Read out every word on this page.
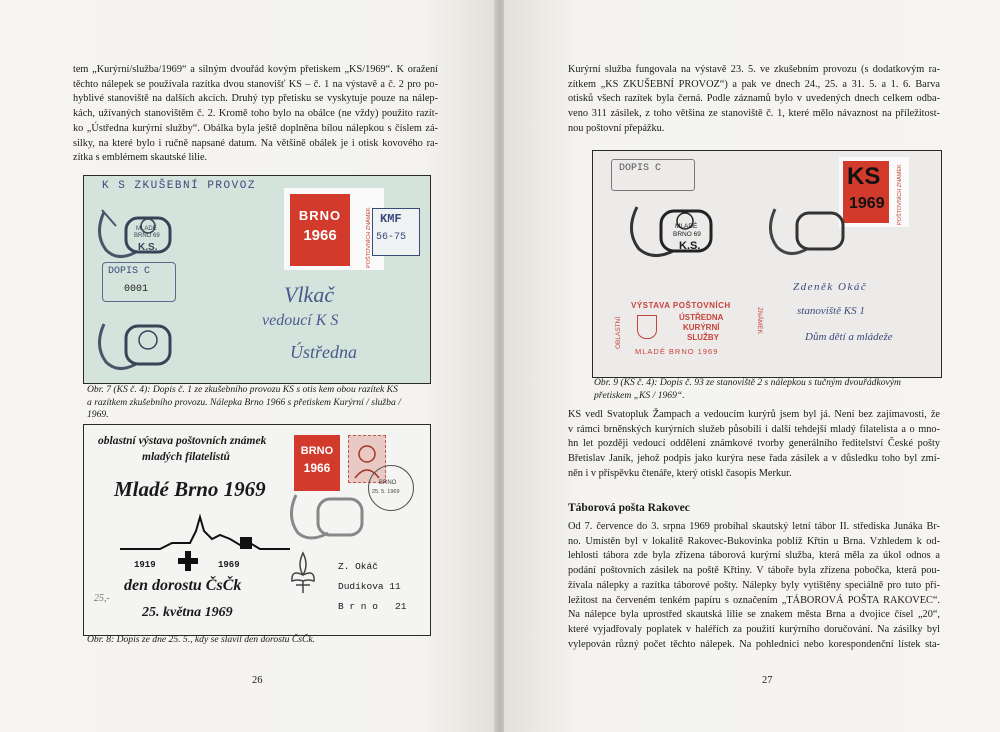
tem „Kurýrní/služba/1969“ a silným dvouřád kovým přetiskem „KS/1969“. K oražení
těchto nálepek se používala razítka dvou stanovišť KS – č. 1 na výstavě a č. 2 pro po-
hyblivé stanoviště na dalších akcích. Druhý typ přetisku se vyskytuje pouze na nálep-
kách, užívaných stanovištěm č. 2. Kromě toho bylo na obálce (ne vždy) použito razít-
ko „Ústředna kurýrní služby“. Obálka byla ještě doplněna bílou nálepkou s číslem zá-
silky, na které bylo i ručně napsané datum. Na většině obálek je i otisk kovového ra-
zítka s emblémem skautské lilie.
K S ZKUŠEBNÍ PROVOZ
MLADÉ
BRNO 69
K.S.
DOPIS C
0001
BRNO
1966	POŠTOVNÍCH ZNÁMEK KMF
56-75
Vlkač
vedoucí K S
Ústředna
Obr. 7 (KS č. 4): Dopis č. 1 ze zkušebního provozu KS s otis kem obou razítek KS
a razítkem zkušebního provozu. Nálepka Brno 1966 s přetiskem Kurýrní / služba /
1969.
oblastní výstava poštovních známek
mladých filatelistů
Mladé Brno 1969
1919	1969
den dorostu ČsČk
25,-
25. května 1969
BRNO
1966
BRNO
25. 5. 1969
Z. Okáč
Dudíkova 11
B r n o   21
Obr. 8: Dopis ze dne 25. 5., kdy se slavil den dorostu ČsČk.
26
Kurýrní služba fungovala na výstavě 23. 5. ve zkušebním provozu (s dodatkovým ra-
zítkem „KS ZKUŠEBNÍ PROVOZ“) a pak ve dnech 24., 25. a 31. 5. a 1. 6. Barva
otisků všech razítek byla černá. Podle záznamů bylo v uvedených dnech celkem odba-
veno 311 zásilek, z toho většina ze stanoviště č. 1, které mělo návaznost na příležitost-
nou poštovní přepážku.
DOPIS C	KS
1969 POŠTOVNÍCH ZNÁMEK
MLADÉ
BRNO 69
K.S.
VÝSTAVA POŠTOVNÍCH
OBLASTNÍ	ZNÁMEK
ÚSTŘEDNA
KURÝRNÍ
SLUŽBY
MLADÉ BRNO 1969
Zdeněk Okáč
stanoviště KS 1
Dům dětí a mládeže
Obr. 9 (KS č. 4): Dopis č. 93 ze stanoviště 2 s nálepkou s tučným dvouřádkovým
přetiskem „KS / 1969“.
KS vedl Svatopluk Žampach a vedoucím kurýrů jsem byl já. Není bez zajímavosti, že
v rámci brněnských kurýrních služeb působili i další tehdejší mladý filatelista a o mno-
hn let později vedoucí oddělení známkové tvorby generálního ředitelství České pošty
Břetislav Janík, jehož podpis jako kurýra nese řada zásilek a v důsledku toho byl zmí-
něn i v příspěvku čtenáře, který otiskl časopis Merkur.
Táborová pošta Rakovec
Od 7. července do 3. srpna 1969 probíhal skautský letní tábor II. střediska Junáka Br-
no. Umístěn byl v lokalitě Rakovec-Bukovinka poblíž Křtin u Brna. Vzhledem k od-
lehlosti tábora zde byla zřízena táborová kurýrní služba, která měla za úkol odnos a
podání poštovních zásilek na poště Křtiny. V táboře byla zřízena pobočka, která pou-
žívala nálepky a razítka táborové pošty. Nálepky byly vytištěny speciálně pro tuto pří-
ležitost na červeném tenkém papíru s označením „TÁBOROVÁ POŠTA RAKOVEC“.
Na nálepce byla uprostřed skautská lilie se znakem města Brna a dvojice čísel „20“,
které vyjadřovaly poplatek v haléřích za použití kurýrního doručování. Na zásilky byl
vylepován různý počet těchto nálepek. Na pohlednici nebo korespondenční lístek sta-
27
